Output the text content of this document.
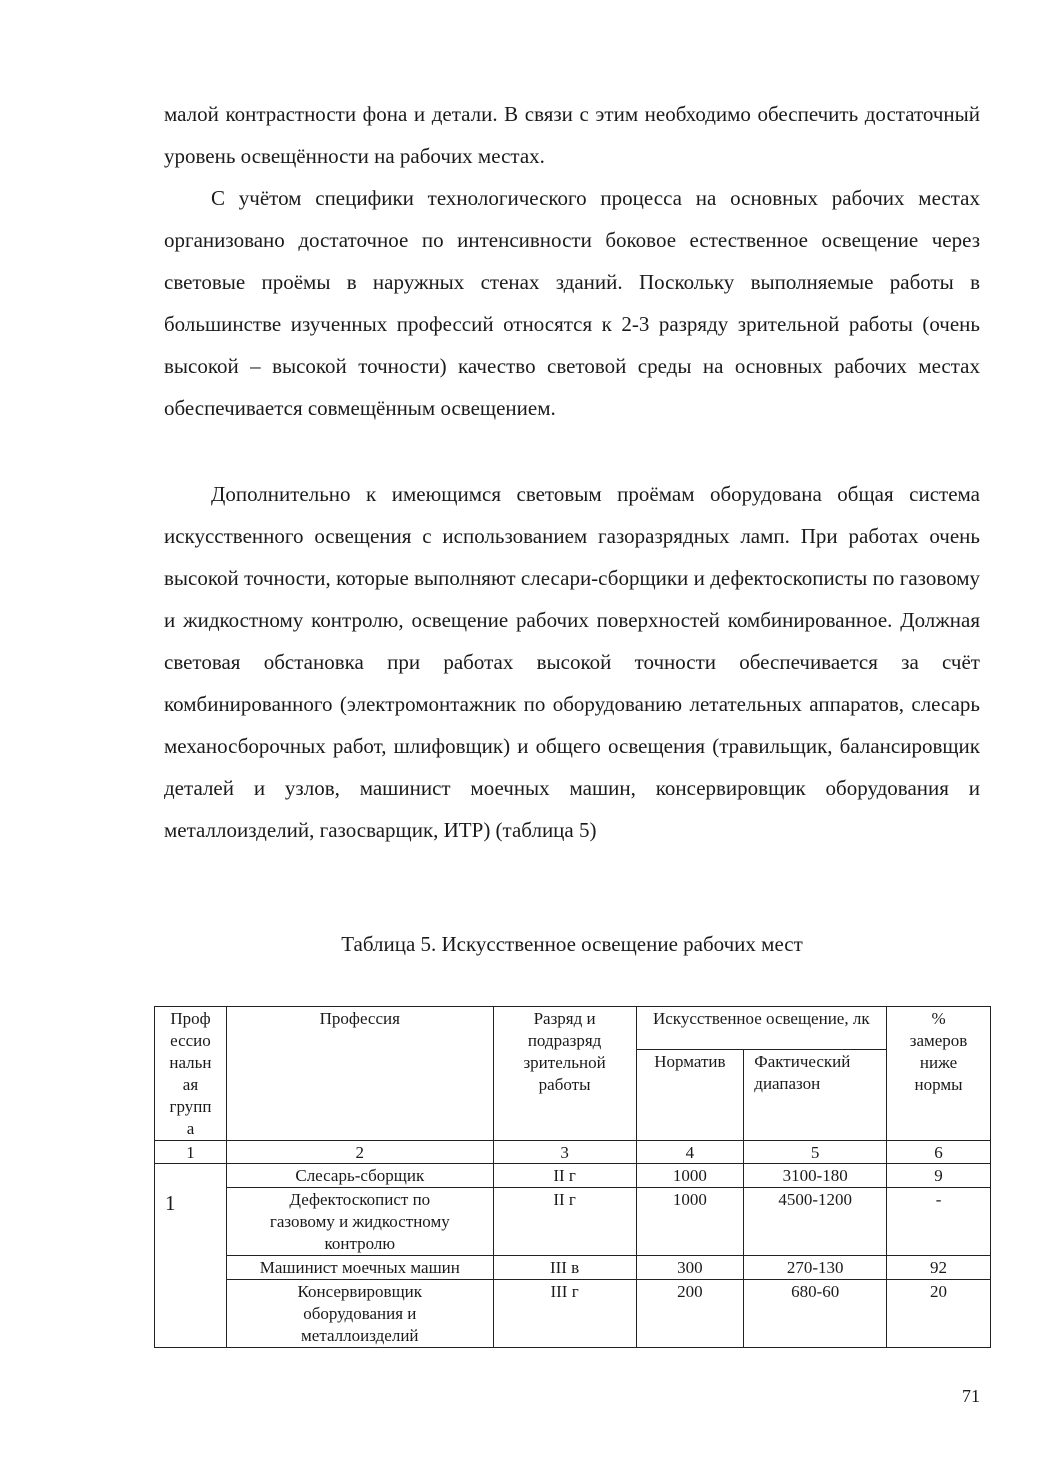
малой контрастности фона и детали. В связи с этим необходимо обеспечить достаточный уровень освещённости на рабочих местах.

С учётом специфики технологического процесса на основных рабочих местах организовано достаточное по интенсивности боковое естественное освещение через световые проёмы в наружных стенах зданий. Поскольку выполняемые работы в большинстве изученных профессий относятся к 2-3 разряду зрительной работы (очень высокой – высокой точности) качество световой среды на основных рабочих местах обеспечивается совмещённым освещением.

Дополнительно к имеющимся световым проёмам оборудована общая система искусственного освещения с использованием газоразрядных ламп. При работах очень высокой точности, которые выполняют слесари-сборщики и дефектоскописты по газовому и жидкостному контролю, освещение рабочих поверхностей комбинированное. Должная световая обстановка при работах высокой точности обеспечивается за счёт комбинированного (электромонтажник по оборудованию летательных аппаратов, слесарь механосборочных работ, шлифовщик) и общего освещения (травильщик, балансировщик деталей и узлов, машинист моечных машин, консервировщик оборудования и металлоизделий, газосварщик, ИТР) (таблица 5)

Таблица 5. Искусственное освещение рабочих мест

Проф ессио нальн ая групп а	Профессия	Разряд и подразряд зрительной работы	Искусственное освещение, лк		% замеров ниже нормы
			Норматив	Фактический диапазон	
1	2	3	4	5	6
1	Слесарь-сборщик	II г	1000	3100-180	9
	Дефектоскопист по газовому и жидкостному контролю	II г	1000	4500-1200	-
	Машинист моечных машин	III в	300	270-130	92
	Консервировщик оборудования и металлоизделий	III г	200	680-60	20

71
